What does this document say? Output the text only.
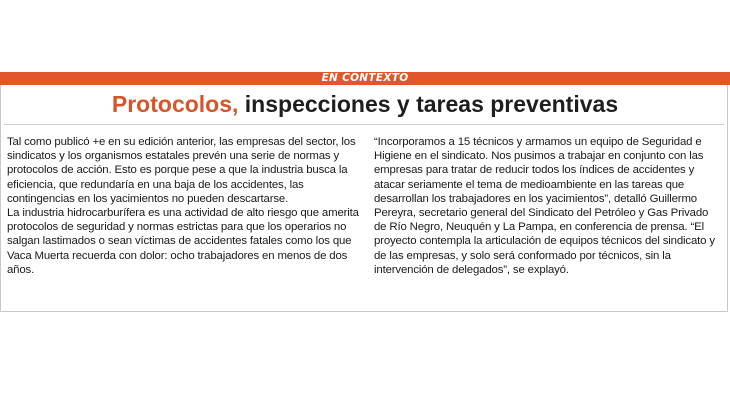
EN CONTEXTO
Protocolos, inspecciones y tareas preventivas

Tal como publicó +e en su edición anterior, las empresas del sector, los sindicatos y los organismos estatales prevén una serie de normas y protocolos de acción. Esto es porque pese a que la industria busca la eficiencia, que redundaría en una baja de los accidentes, las contingencias en los yacimientos no pueden descartarse.

La industria hidrocarburífera es una actividad de alto riesgo que amerita protocolos de seguridad y normas estrictas para que los operarios no salgan lastimados o sean víctimas de accidentes fatales como los que Vaca Muerta recuerda con dolor: ocho trabajadores en menos de dos años.

“Incorporamos a 15 técnicos y armamos un equipo de Seguridad e Higiene en el sindicato. Nos pusimos a trabajar en conjunto con las empresas para tratar de reducir todos los índices de accidentes y atacar seriamente el tema de medioambiente en las tareas que desarrollan los trabajadores en los yacimientos”, detalló Guillermo Pereyra, secretario general del Sindicato del Petróleo y Gas Privado de Río Negro, Neuquén y La Pampa, en conferencia de prensa. “El proyecto contempla la articulación de equipos técnicos del sindicato y de las empresas, y solo será conformado por técnicos, sin la intervención de delegados”, se explayó.
